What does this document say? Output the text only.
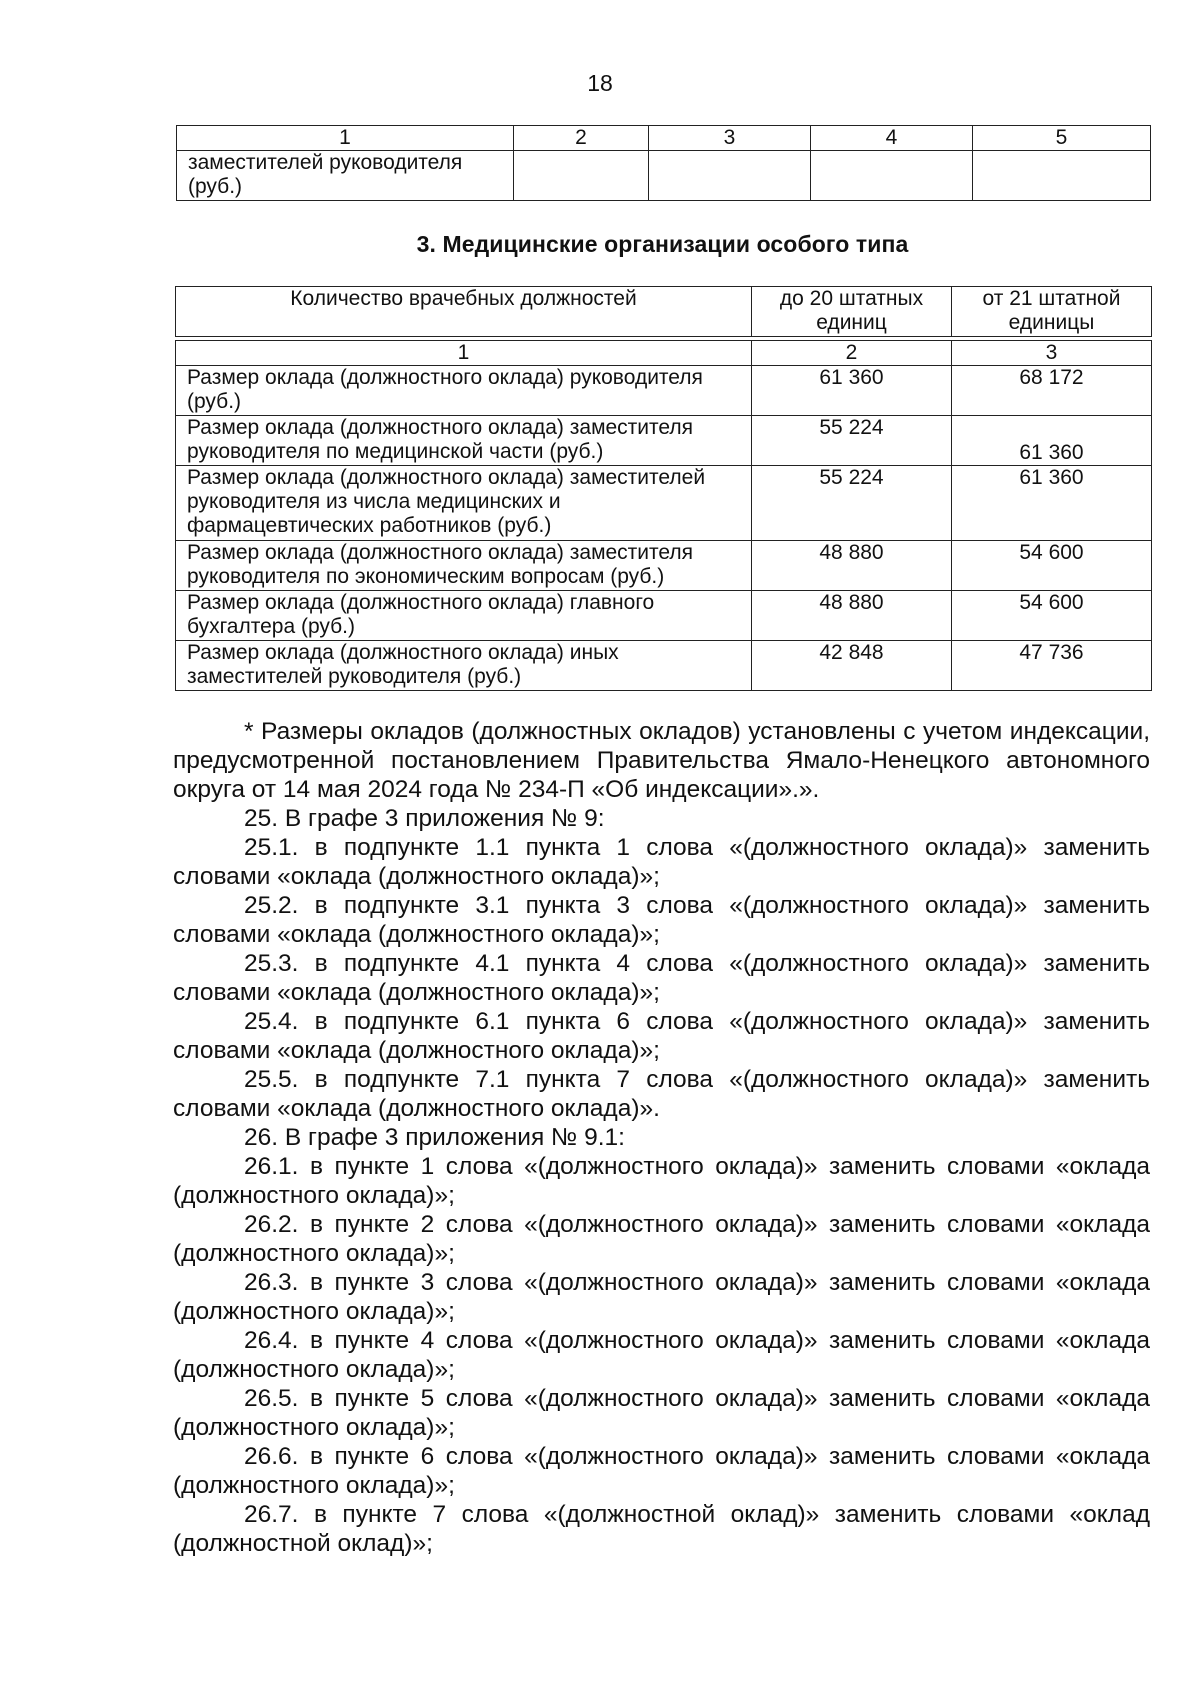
18
1	2	3	4	5
заместителей руководителя (руб.)				
3. Медицинские организации особого типа
Количество врачебных должностей	до 20 штатных единиц	от 21 штатной единицы
1	2	3
Размер оклада (должностного оклада) руководителя (руб.)	61 360	68 172
Размер оклада (должностного оклада) заместителя руководителя по медицинской части (руб.)	55 224	61 360
Размер оклада (должностного оклада) заместителей руководителя из числа медицинских и фармацевтических работников (руб.)	55 224	61 360
Размер оклада (должностного оклада) заместителя руководителя по экономическим вопросам (руб.)	48 880	54 600
Размер оклада (должностного оклада) главного бухгалтера (руб.)	48 880	54 600
Размер оклада (должностного оклада) иных заместителей руководителя (руб.)	42 848	47 736

* Размеры окладов (должностных окладов) установлены с учетом индексации, предусмотренной постановлением Правительства Ямало-Ненецкого автономного округа от 14 мая 2024 года № 234-П «Об индексации».».

25. В графе 3 приложения № 9:

25.1. в подпункте 1.1 пункта 1 слова «(должностного оклада)» заменить словами «оклада (должностного оклада)»;

25.2. в подпункте 3.1 пункта 3 слова «(должностного оклада)» заменить словами «оклада (должностного оклада)»;

25.3. в подпункте 4.1 пункта 4 слова «(должностного оклада)» заменить словами «оклада (должностного оклада)»;

25.4. в подпункте 6.1 пункта 6 слова «(должностного оклада)» заменить словами «оклада (должностного оклада)»;

25.5. в подпункте 7.1 пункта 7 слова «(должностного оклада)» заменить словами «оклада (должностного оклада)».

26. В графе 3 приложения № 9.1:

26.1. в пункте 1 слова «(должностного оклада)» заменить словами «оклада (должностного оклада)»;

26.2. в пункте 2 слова «(должностного оклада)» заменить словами «оклада (должностного оклада)»;

26.3. в пункте 3 слова «(должностного оклада)» заменить словами «оклада (должностного оклада)»;

26.4. в пункте 4 слова «(должностного оклада)» заменить словами «оклада (должностного оклада)»;

26.5. в пункте 5 слова «(должностного оклада)» заменить словами «оклада (должностного оклада)»;

26.6. в пункте 6 слова «(должностного оклада)» заменить словами «оклада (должностного оклада)»;

26.7. в пункте 7 слова «(должностной оклад)» заменить словами «оклад (должностной оклад)»;
